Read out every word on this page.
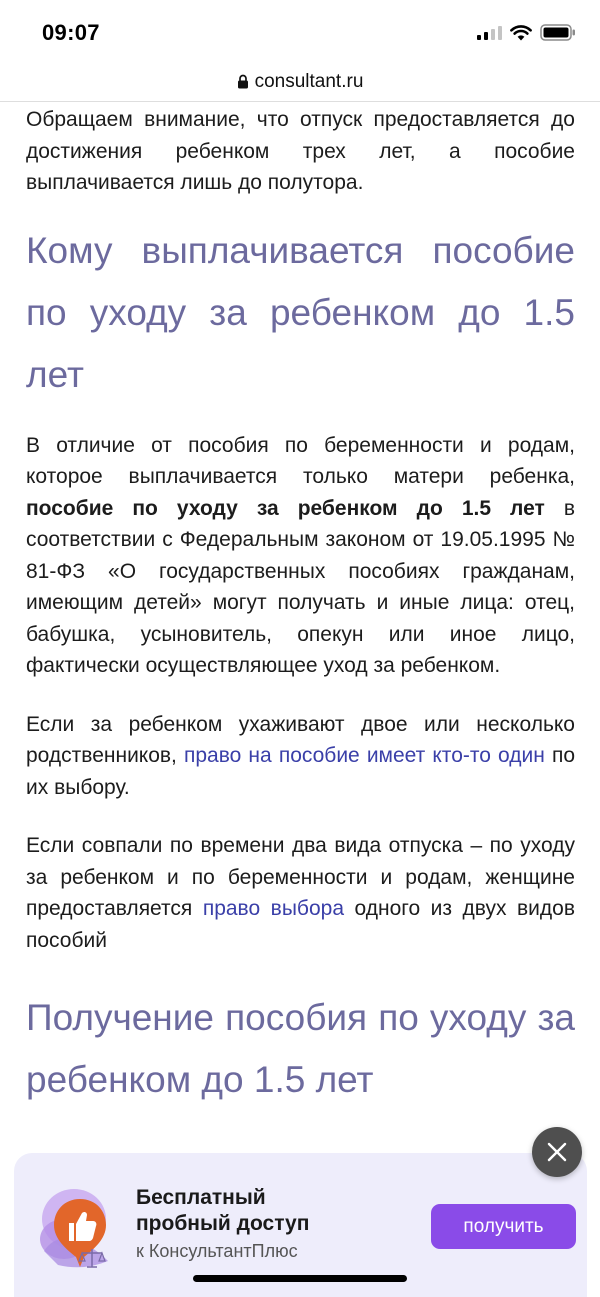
09:07
consultant.ru

Обращаем внимание, что отпуск предоставляется до достижения ребенком трех лет, а пособие выплачивается лишь до полутора.

Кому выплачивается пособие по уходу за ребенком до 1.5 лет

В отличие от пособия по беременности и родам, которое выплачивается только матери ребенка, пособие по уходу за ребенком до 1.5 лет в соответствии с Федеральным законом от 19.05.1995 № 81-ФЗ «О государственных пособиях гражданам, имеющим детей» могут получать и иные лица: отец, бабушка, усыновитель, опекун или иное лицо, фактически осуществляющее уход за ребенком.

Если за ребенком ухаживают двое или несколько родственников, право на пособие имеет кто-то один по их выбору.

Если совпали по времени два вида отпуска – по уходу за ребенком и по беременности и родам, женщине предоставляется право выбора одного из двух видов пособий

Получение пособия по уходу за ребенком до 1.5 лет
Бесплатный
пробный доступ
к КонсультантПлюс
получить
